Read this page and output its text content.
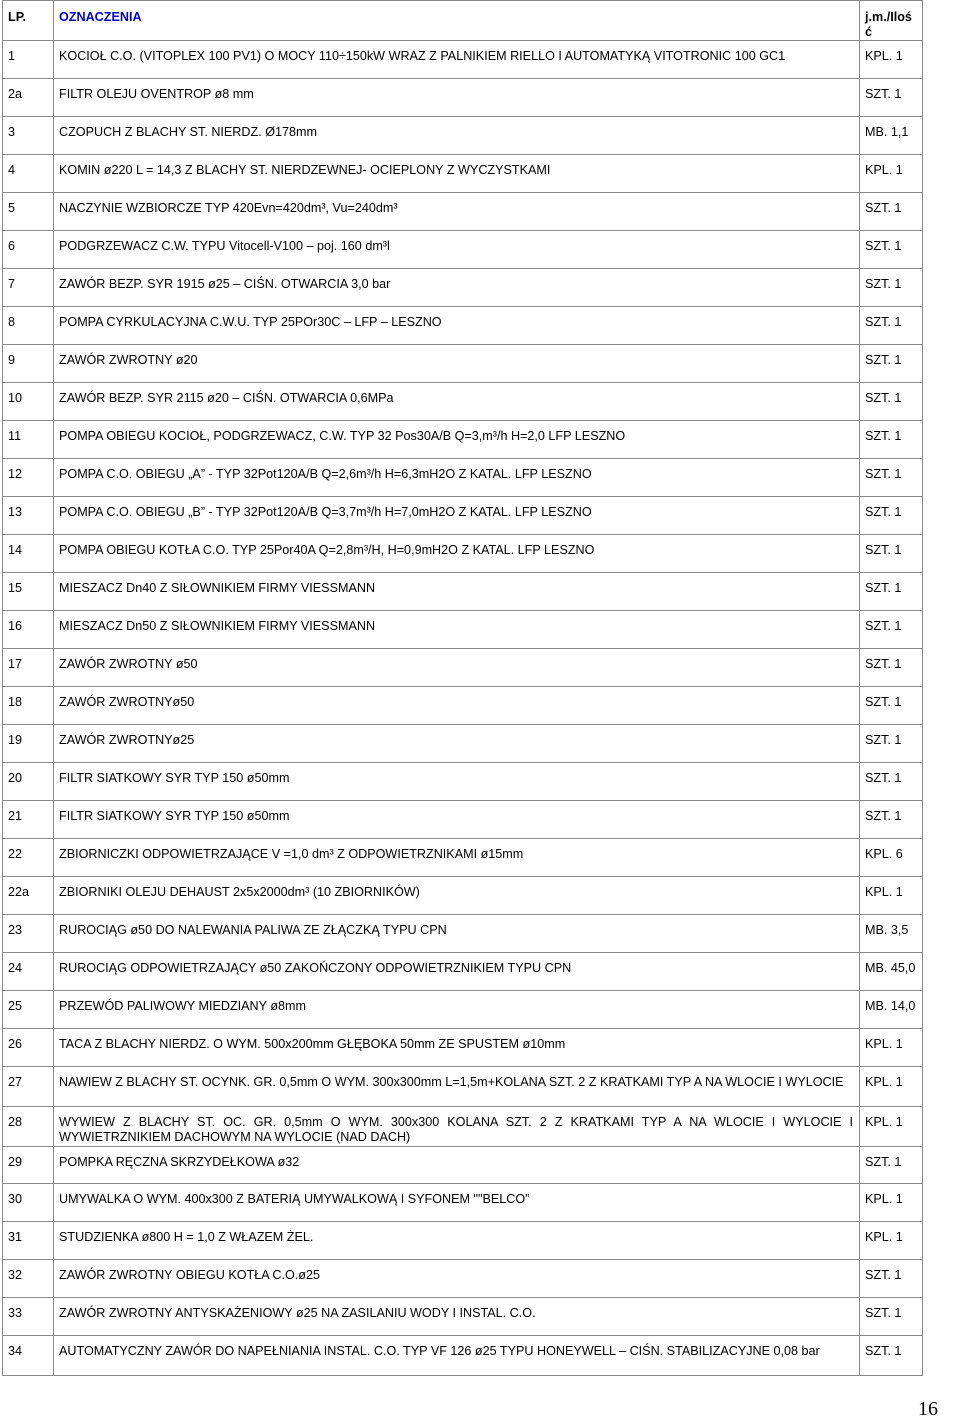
LP.	OZNACZENIA	j.m./Ilość
1	KOCIOŁ C.O. (VITOPLEX 100 PV1) O MOCY 110÷150kW WRAZ Z PALNIKIEM RIELLO I AUTOMATYKĄ VITOTRONIC 100 GC1	KPL. 1
2a	FILTR OLEJU OVENTROP ø8 mm	SZT. 1
3	CZOPUCH Z BLACHY ST. NIERDZ. Ø178mm	MB. 1,1
4	KOMIN ø220 L = 14,3 Z BLACHY ST. NIERDZEWNEJ- OCIEPLONY Z WYCZYSTKAMI	KPL. 1
5	NACZYNIE WZBIORCZE TYP 420Evn=420dm³, Vu=240dm³	SZT. 1
6	PODGRZEWACZ C.W. TYPU Vitocell-V100 – poj. 160 dm³l	SZT. 1
7	ZAWÓR BEZP. SYR 1915 ø25 – CIŚN. OTWARCIA 3,0 bar	SZT. 1
8	POMPA CYRKULACYJNA C.W.U. TYP 25POr30C – LFP – LESZNO	SZT. 1
9	ZAWÓR ZWROTNY ø20	SZT. 1
10	ZAWÓR BEZP. SYR 2115 ø20 – CIŚN. OTWARCIA 0,6MPa	SZT. 1
11	POMPA OBIEGU KOCIOŁ, PODGRZEWACZ, C.W. TYP 32 Pos30A/B Q=3,m³/h H=2,0 LFP LESZNO	SZT. 1
12	POMPA C.O. OBIEGU „A” - TYP 32Pot120A/B Q=2,6m³/h H=6,3mH2O Z KATAL. LFP LESZNO	SZT. 1
13	POMPA C.O. OBIEGU „B” - TYP 32Pot120A/B Q=3,7m³/h H=7,0mH2O Z KATAL. LFP LESZNO	SZT. 1
14	POMPA OBIEGU KOTŁA C.O. TYP 25Por40A Q=2,8m³/H, H=0,9mH2O Z KATAL. LFP LESZNO	SZT. 1
15	MIESZACZ Dn40 Z SIŁOWNIKIEM FIRMY VIESSMANN	SZT. 1
16	MIESZACZ Dn50 Z SIŁOWNIKIEM FIRMY VIESSMANN	SZT. 1
17	ZAWÓR ZWROTNY ø50	SZT. 1
18	ZAWÓR ZWROTNYø50	SZT. 1
19	ZAWÓR ZWROTNYø25	SZT. 1
20	FILTR SIATKOWY SYR TYP 150 ø50mm	SZT. 1
21	FILTR SIATKOWY SYR TYP 150 ø50mm	SZT. 1
22	ZBIORNICZKI ODPOWIETRZAJĄCE V =1,0 dm³ Z ODPOWIETRZNIKAMI ø15mm	KPL. 6
22a	ZBIORNIKI OLEJU DEHAUST 2x5x2000dm³ (10 ZBIORNIKÓW)	KPL. 1
23	RUROCIĄG ø50 DO NALEWANIA PALIWA ZE ZŁĄCZKĄ TYPU CPN	MB. 3,5
24	RUROCIĄG ODPOWIETRZAJĄCY ø50 ZAKOŃCZONY ODPOWIETRZNIKIEM TYPU CPN	MB. 45,0
25	PRZEWÓD PALIWOWY MIEDZIANY ø8mm	MB. 14,0
26	TACA Z BLACHY NIERDZ. O WYM. 500x200mm GŁĘBOKA 50mm ZE SPUSTEM ø10mm	KPL. 1
27	NAWIEW Z BLACHY ST. OCYNK. GR. 0,5mm O WYM. 300x300mm L=1,5m+KOLANA SZT. 2 Z KRATKAMI TYP A NA WLOCIE I WYLOCIE	KPL. 1
28	WYWIEW Z BLACHY ST. OC. GR. 0,5mm O WYM. 300x300 KOLANA SZT. 2 Z KRATKAMI TYP A NA WLOCIE I WYLOCIE I WYWIETRZNIKIEM DACHOWYM NA WYLOCIE (NAD DACH)	KPL. 1
29	POMPKA RĘCZNA SKRZYDEŁKOWA ø32	SZT. 1
30	UMYWALKA O WYM. 400x300 Z BATERIĄ UMYWALKOWĄ I SYFONEM ""BELCO”	KPL. 1
31	STUDZIENKA ø800 H = 1,0 Z WŁAZEM ŻEL.	KPL. 1
32	ZAWÓR ZWROTNY OBIEGU KOTŁA C.O.ø25	SZT. 1
33	ZAWÓR ZWROTNY ANTYSKAŻENIOWY ø25 NA ZASILANIU WODY I INSTAL. C.O.	SZT. 1
34	AUTOMATYCZNY ZAWÓR DO NAPEŁNIANIA INSTAL. C.O. TYP VF 126 ø25 TYPU HONEYWELL – CIŚN. STABILIZACYJNE 0,08 bar	SZT. 1
16
